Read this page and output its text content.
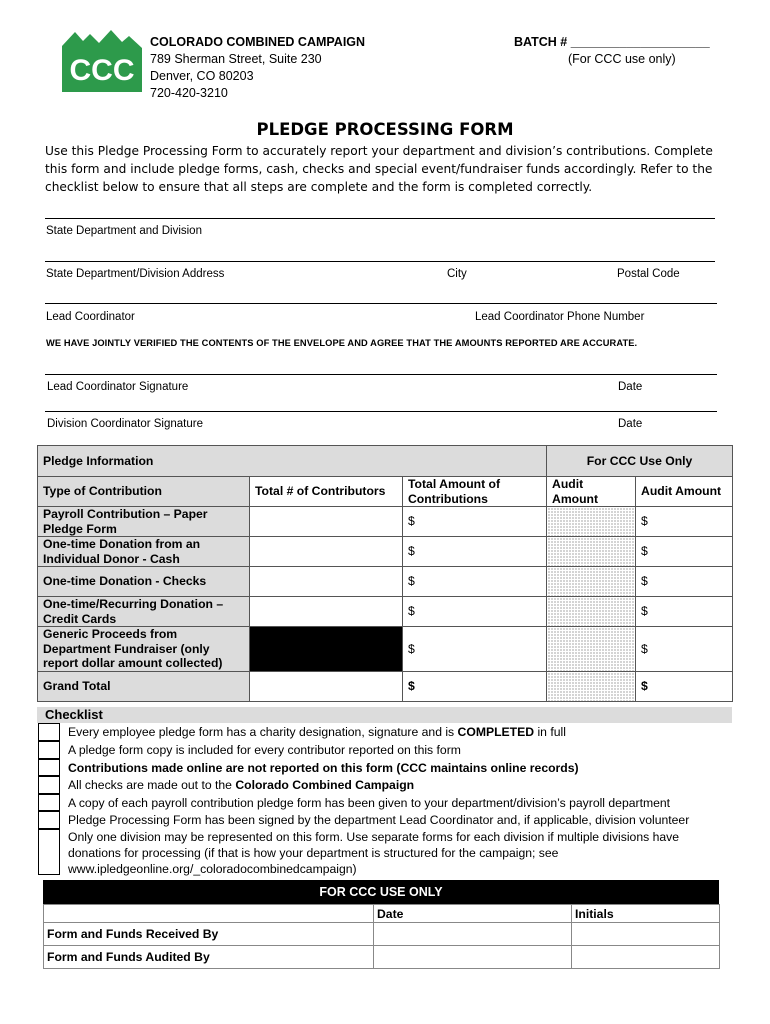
CCC
COLORADO COMBINED CAMPAIGN
789 Sherman Street, Suite 230
Denver, CO 80203
720-420-3210
BATCH # ____________________
(For CCC use only)
PLEDGE PROCESSING FORM
Use this Pledge Processing Form to accurately report your department and division’s contributions. Complete this form and include pledge forms, cash, checks and special event/fundraiser funds accordingly. Refer to the checklist below to ensure that all steps are complete and the form is completed correctly.
State Department and Division
State Department/Division Address	City	Postal Code
Lead Coordinator	Lead Coordinator Phone Number
WE HAVE JOINTLY VERIFIED THE CONTENTS OF THE ENVELOPE AND AGREE THAT THE AMOUNTS REPORTED ARE ACCURATE.
Lead Coordinator Signature	Date
Division Coordinator Signature	Date
Pledge Information			For CCC Use Only	
Type of Contribution	Total # of Contributors	Total Amount of Contributions	Audit Amount	Audit Amount
Payroll Contribution – Paper Pledge Form		$		$
One-time Donation from an Individual Donor - Cash		$		$
One-time Donation - Checks		$		$
One-time/Recurring Donation – Credit Cards		$		$
Generic Proceeds from Department Fundraiser (only report dollar amount collected)		$		$
Grand Total		$		$
Checklist
Every employee pledge form has a charity designation, signature and is COMPLETED in full
A pledge form copy is included for every contributor reported on this form
Contributions made online are not reported on this form (CCC maintains online records)
All checks are made out to the Colorado Combined Campaign
A copy of each payroll contribution pledge form has been given to your department/division’s payroll department
Pledge Processing Form has been signed by the department Lead Coordinator and, if applicable, division volunteer
Only one division may be represented on this form. Use separate forms for each division if multiple divisions have donations for processing (if that is how your department is structured for the campaign; see www.ipledgeonline.org/_coloradocombinedcampaign)
FOR CCC USE ONLY
	Date	Initials
Form and Funds Received By		
Form and Funds Audited By		
